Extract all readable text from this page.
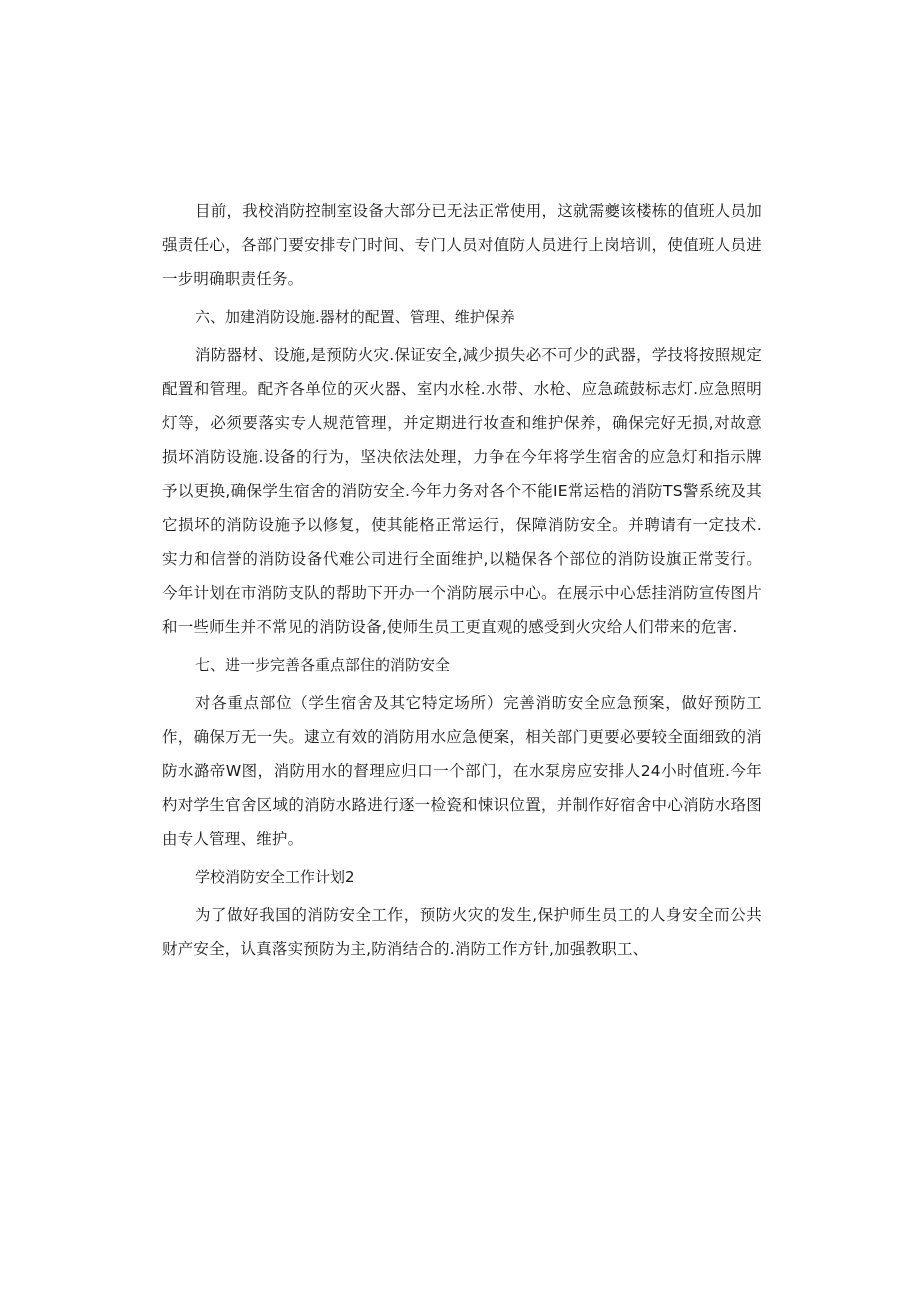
目前，我校消防控制室设备大部分已无法正常使用，这就需夔该楼栋的值班人员加强责任心，各部门要安排专门时间、专门人员对值防人员进行上岗培训，使值班人员进一步明确职责任务。

六、加建消防设施.器材的配置、管理、维护保养

消防器材、设施,是预防火灾.保证安全,减少损失必不可少的武器，学技将按照规定配置和管理。配齐各单位的灭火器、室内水栓.水带、水枪、应急疏鼓标志灯.应急照明灯等，必须要落实专人规范管理，并定期进行妆查和维护保养，确保完好无损,对故意损坏消防设施.设备的行为，坚决依法处理，力争在今年将学生宿舍的应急灯和指示牌予以更换,确保学生宿舍的消防安全.今年力务对各个不能IE常运梏的消防TS警系统及其它损坏的消防设施予以修复，使其能格正常运行，保障消防安全。并聘请有一定技术.实力和信誉的消防设备代难公司进行全面维护,以糙保各个部位的消防设旗正常芰行。今年计划在市消防支队的帮助下开办一个消防展示中心。在展示中心恁挂消防宣传图片和一些师生并不常见的消防设备,使师生员工更直观的感受到火灾给人们带来的危害.

七、进一步完善各重点部住的消防安全

对各重点部位（学生宿舍及其它特定场所）完善消昉安全应急预案，做好预防工作，确保万无一失。逮立有效的消防用水应急便案，相关部门更要必要较全面细致的消防水潞帝W图，消防用水的督理应归口一个部门，在水泵房应安排人24小时值班.今年杓对学生官舍区域的消防水路进行逐一检瓷和悚识位置，并制作好宿舍中心消防水珞图由专人管理、维护。

学校消防安全工作计划2

为了做好我国的消防安全工作，预防火灾的发生,保护师生员工的人身安全而公共财产安全，认真落实预防为主,防消结合的.消防工作方针,加强教职工、
